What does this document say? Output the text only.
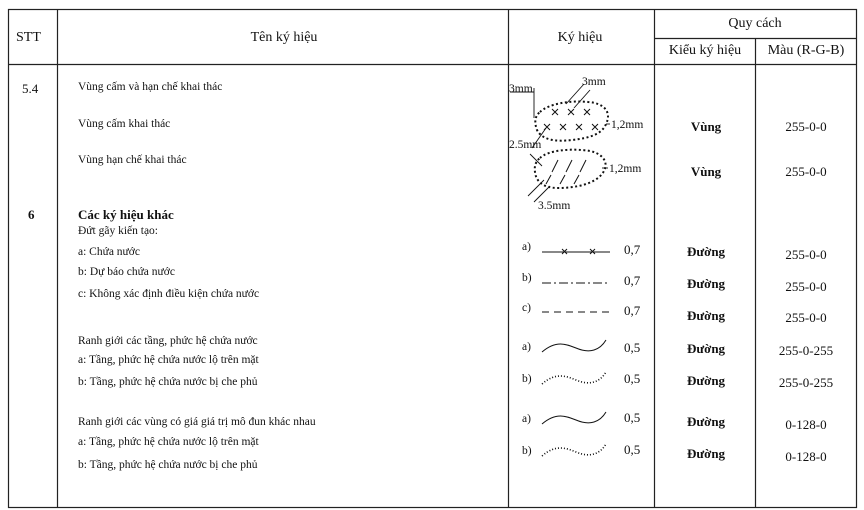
STT	Tên ký hiệu	Ký hiệu
Quy cách
Kiểu ký hiệu Màu (R-G-B)
5.4
6
Vùng cấm và hạn chế khai thác
Vùng cấm khai thác
Vùng hạn chế khai thác
Các ký hiệu khác
Đứt gãy kiến tạo:
a: Chứa nước
b: Dự báo chứa nước
c: Không xác định điều kiện chứa nước
Ranh giới các tầng, phức hệ chứa nước
a: Tầng, phức hệ chứa nước lộ trên mặt
b: Tầng, phức hệ chứa nước bị che phủ
Ranh giới các vùng có giá giá trị mô đun khác nhau
a: Tầng, phức hệ chứa nước lộ trên mặt
b: Tầng, phức hệ chứa nước bị che phủ
3mm
3mm
1,2mm
2.5mm
1,2mm
3.5mm
a)
b)
c)
a)
b)
a)
b)
0,7
0,7
0,7
0,5
0,5
0,5
0,5
Vùng
Vùng
Đường
Đường
Đường
Đường
Đường
Đường
Đường
255-0-0
255-0-0
255-0-0
255-0-0
255-0-0
255-0-255
255-0-255
0-128-0
0-128-0
